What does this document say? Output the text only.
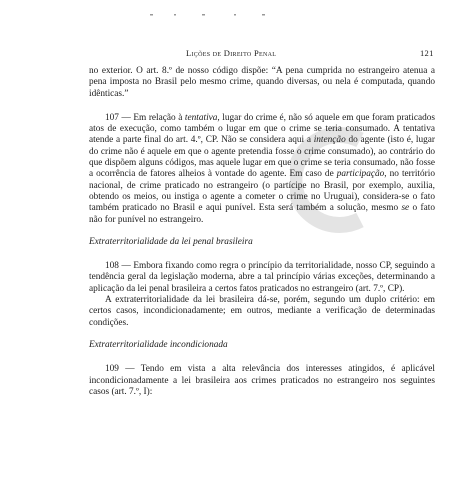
Lições de Direito Penal	121

no exterior. O art. 8.º de nosso código dispõe: “A pena cumprida no estrangeiro atenua a pena imposta no Brasil pelo mesmo crime, quando diversas, ou nela é computada, quando idênticas.”

107 — Em relação à tentativa, lugar do crime é, não só aquele em que foram praticados atos de execução, como também o lugar em que o crime se teria consumado. A tentativa atende a parte final do art. 4.º, CP. Não se considera aqui a intenção do agente (isto é, lugar do crime não é aquele em que o agente pretendia fosse o crime consumado), ao contrário do que dispõem alguns códigos, mas aquele lugar em que o crime se teria consumado, não fosse a ocorrência de fatores alheios à vontade do agente. Em caso de participação, no território nacional, de crime praticado no estrangeiro (o partícipe no Brasil, por exemplo, auxilia, obtendo os meios, ou instiga o agente a cometer o crime no Uruguai), considera-se o fato também praticado no Brasil e aqui punível. Esta será também a solução, mesmo se o fato não for punível no estrangeiro.

Extraterritorialidade da lei penal brasileira

108 — Embora fixando como regra o princípio da territorialidade, nosso CP, seguindo a tendência geral da legislação moderna, abre a tal princípio várias exceções, determinando a aplicação da lei penal brasileira a certos fatos praticados no estrangeiro (art. 7.º, CP).

A extraterritorialidade da lei brasileira dá-se, porém, segundo um duplo critério: em certos casos, incondicionadamente; em outros, mediante a verificação de determinadas condições.

Extraterritorialidade incondicionada

109 — Tendo em vista a alta relevância dos interesses atingidos, é aplicável incondicionadamente a lei brasileira aos crimes praticados no estrangeiro nos seguintes casos (art. 7.º, I):
